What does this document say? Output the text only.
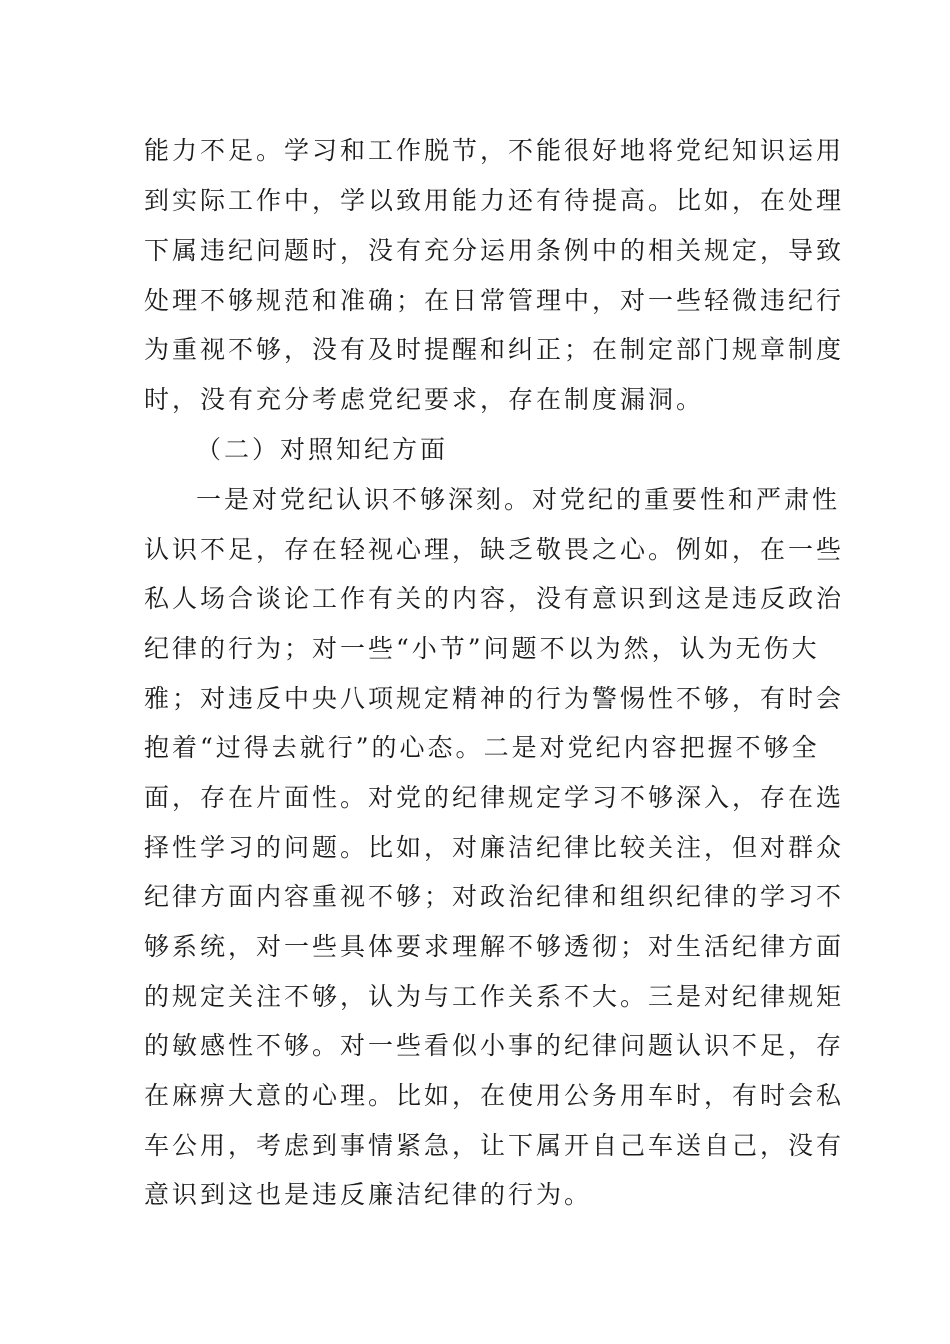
能力不足。学习和工作脱节，不能很好地将党纪知识运用
到实际工作中，学以致用能力还有待提高。比如，在处理
下属违纪问题时，没有充分运用条例中的相关规定，导致
处理不够规范和准确；在日常管理中，对一些轻微违纪行
为重视不够，没有及时提醒和纠正；在制定部门规章制度
时，没有充分考虑党纪要求，存在制度漏洞。
（二）对照知纪方面
一是对党纪认识不够深刻。对党纪的重要性和严肃性
认识不足，存在轻视心理，缺乏敬畏之心。例如，在一些
私人场合谈论工作有关的内容，没有意识到这是违反政治
纪律的行为；对一些“小节”问题不以为然，认为无伤大
雅；对违反中央八项规定精神的行为警惕性不够，有时会
抱着“过得去就行”的心态。二是对党纪内容把握不够全
面，存在片面性。对党的纪律规定学习不够深入，存在选
择性学习的问题。比如，对廉洁纪律比较关注，但对群众
纪律方面内容重视不够；对政治纪律和组织纪律的学习不
够系统，对一些具体要求理解不够透彻；对生活纪律方面
的规定关注不够，认为与工作关系不大。三是对纪律规矩
的敏感性不够。对一些看似小事的纪律问题认识不足，存
在麻痹大意的心理。比如，在使用公务用车时，有时会私
车公用，考虑到事情紧急，让下属开自己车送自己，没有
意识到这也是违反廉洁纪律的行为。
